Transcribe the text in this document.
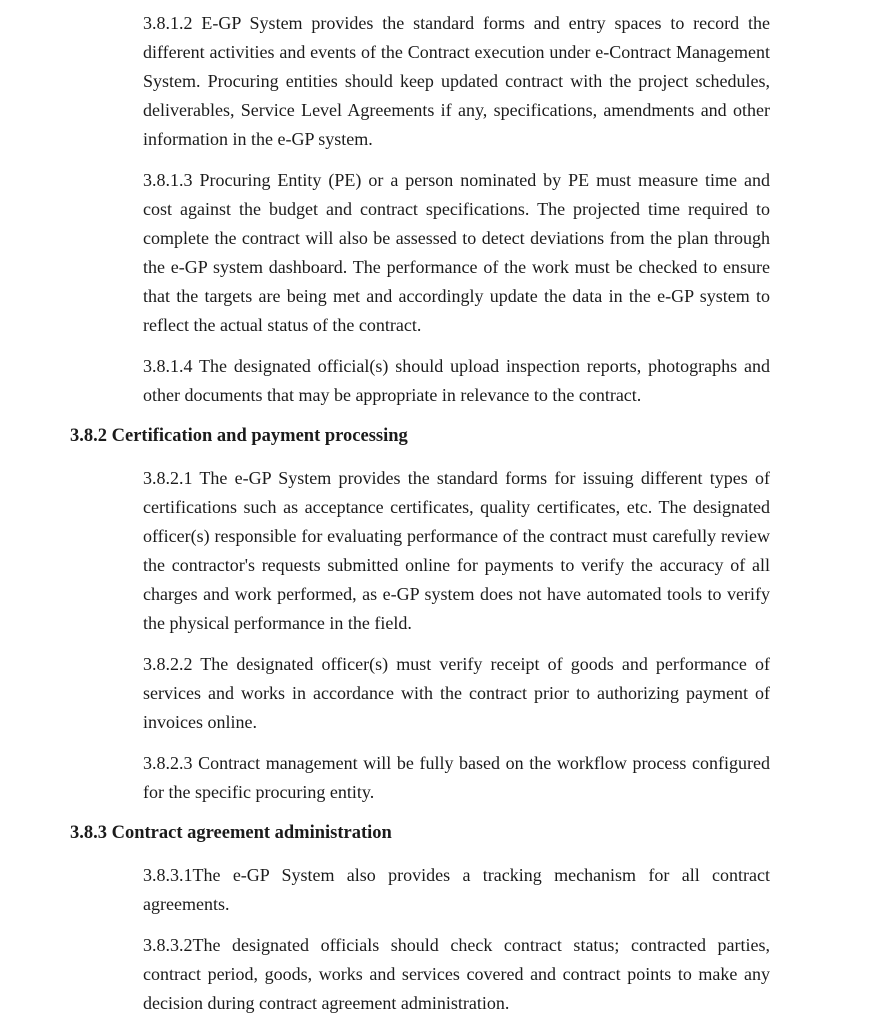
3.8.1.2 E-GP System provides the standard forms and entry spaces to record the different activities and events of the Contract execution under e-Contract Management System. Procuring entities should keep updated contract with the project schedules, deliverables, Service Level Agreements if any, specifications, amendments and other information in the e-GP system.

3.8.1.3 Procuring Entity (PE) or a person nominated by PE must measure time and cost against the budget and contract specifications. The projected time required to complete the contract will also be assessed to detect deviations from the plan through the e-GP system dashboard. The performance of the work must be checked to ensure that the targets are being met and accordingly update the data in the e-GP system to reflect the actual status of the contract.

3.8.1.4 The designated official(s) should upload inspection reports, photographs and other documents that may be appropriate in relevance to the contract.

3.8.2 Certification and payment processing

3.8.2.1 The e-GP System provides the standard forms for issuing different types of certifications such as acceptance certificates, quality certificates, etc. The designated officer(s) responsible for evaluating performance of the contract must carefully review the contractor's requests submitted online for payments to verify the accuracy of all charges and work performed, as e-GP system does not have automated tools to verify the physical performance in the field.

3.8.2.2 The designated officer(s) must verify receipt of goods and performance of services and works in accordance with the contract prior to authorizing payment of invoices online.

3.8.2.3 Contract management will be fully based on the workflow process configured for the specific procuring entity.

3.8.3 Contract agreement administration

3.8.3.1The e-GP System also provides a tracking mechanism for all contract agreements.

3.8.3.2The designated officials should check contract status; contracted parties, contract period, goods, works and services covered and contract points to make any decision during contract agreement administration.
